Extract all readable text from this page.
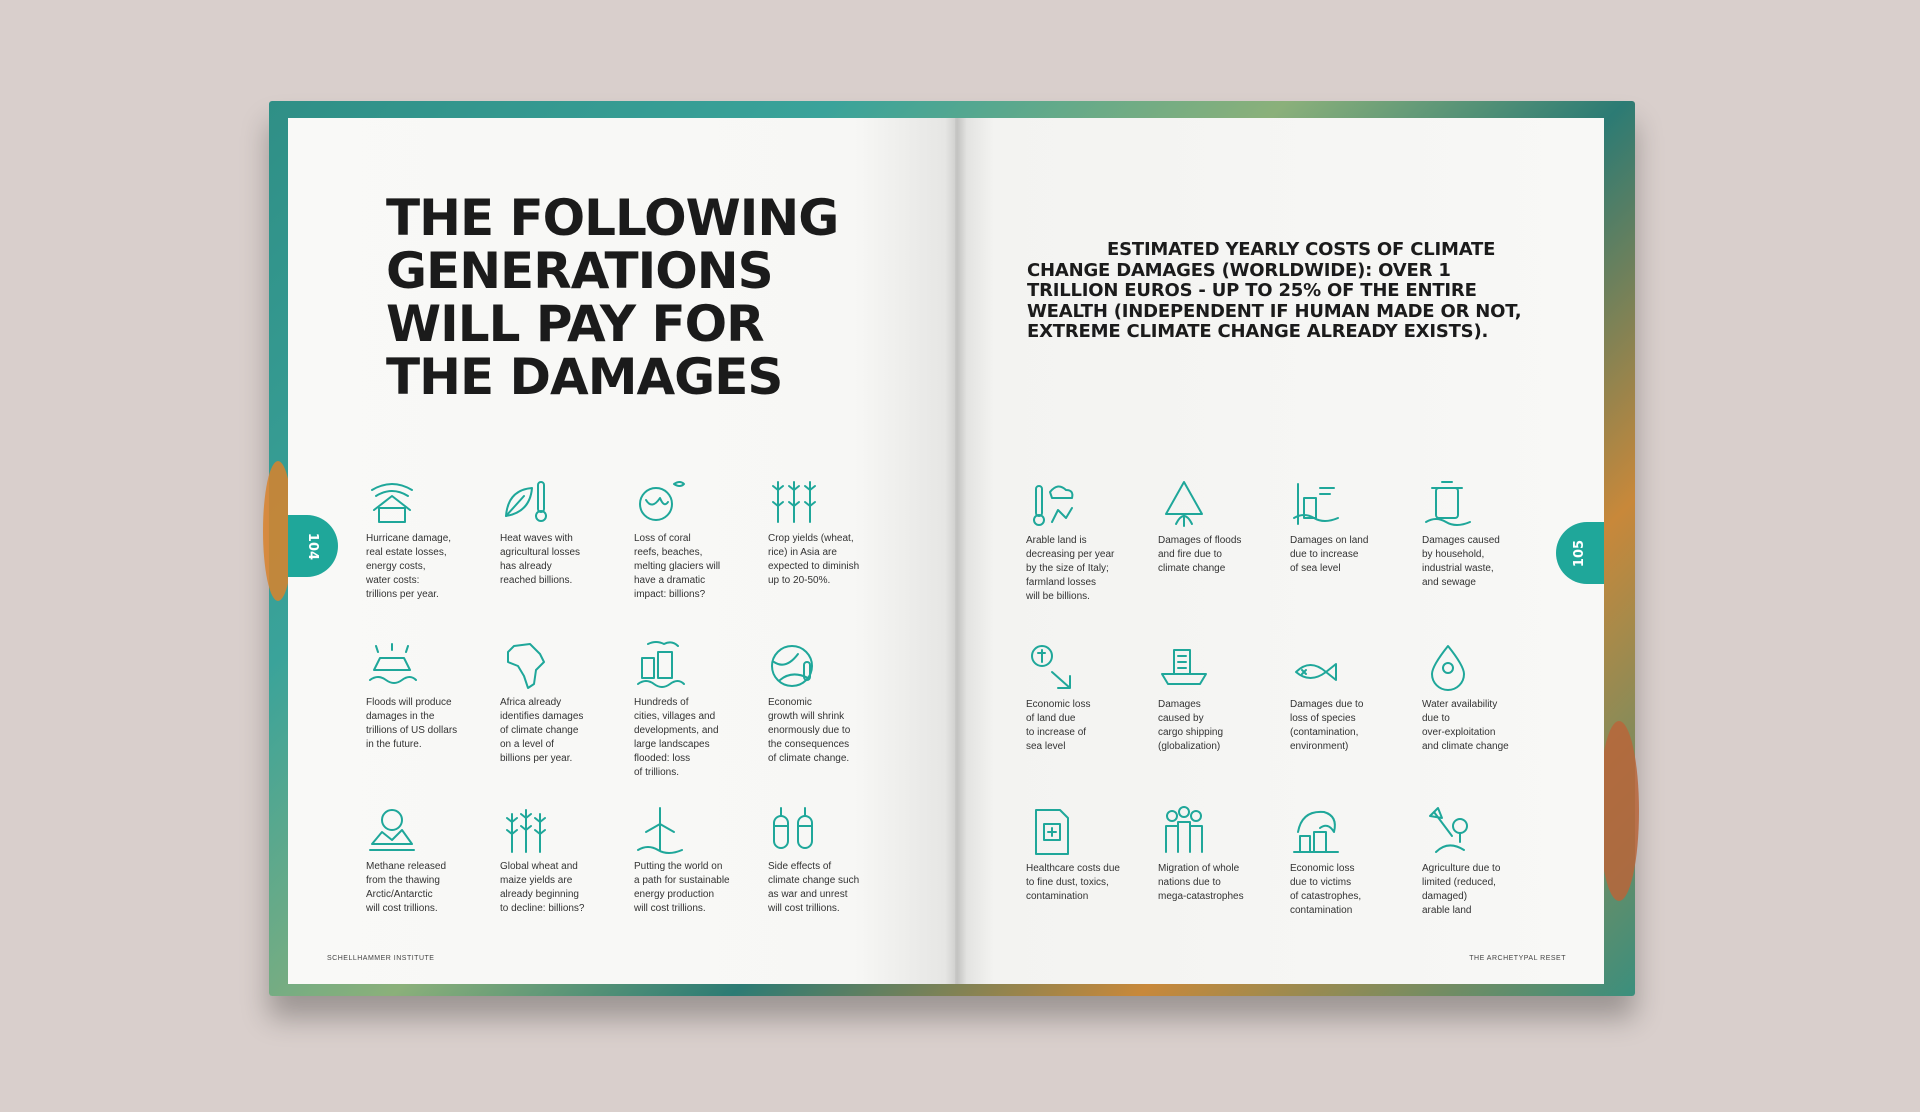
THE FOLLOWING
GENERATIONS
WILL PAY FOR
THE DAMAGES
104	Hurricane damage,
real estate losses,
energy costs,
water costs:
trillions per year.

Heat waves with
agricultural losses
has already
reached billions.

Loss of coral
reefs, beaches,
melting glaciers will
have a dramatic
impact: billions?

Crop yields (wheat,
rice) in Asia are
expected to diminish
up to 20-50%.

Floods will produce
damages in the
trillions of US dollars
in the future.

Africa already
identifies damages
of climate change
on a level of
billions per year.

Hundreds of
cities, villages and
developments, and
large landscapes
flooded: loss
of trillions.

Economic
growth will shrink
enormously due to
the consequences
of climate change.

Methane released
from the thawing
Arctic/Antarctic
will cost trillions.

Global wheat and
maize yields are
already beginning
to decline: billions?

Putting the world on
a path for sustainable
energy production
will cost trillions.

Side effects of
climate change such
as war and unrest
will cost trillions.

SCHELLHAMMER INSTITUTE
ESTIMATED YEARLY COSTS OF CLIMATE CHANGE DAMAGES (WORLDWIDE): OVER 1 TRILLION EUROS - UP TO 25% OF THE ENTIRE WEALTH (INDEPENDENT IF HUMAN MADE OR NOT, EXTREME CLIMATE CHANGE ALREADY EXISTS).
105

Arable land is
decreasing per year
by the size of Italy;
farmland losses
will be billions.

Damages of floods
and fire due to
climate change

Damages on land
due to increase
of sea level

Damages caused
by household,
industrial waste,
and sewage

Economic loss
of land due
to increase of
sea level

Damages
caused by
cargo shipping
(globalization)

Damages due to
loss of species
(contamination,
environment)

Water availability
due to
over-exploitation
and climate change

Healthcare costs due
to fine dust, toxics,
contamination

Migration of whole
nations due to
mega-catastrophes

Economic loss
due to victims
of catastrophes,
contamination

Agriculture due to
limited (reduced,
damaged)
arable land

THE ARCHETYPAL RESET
